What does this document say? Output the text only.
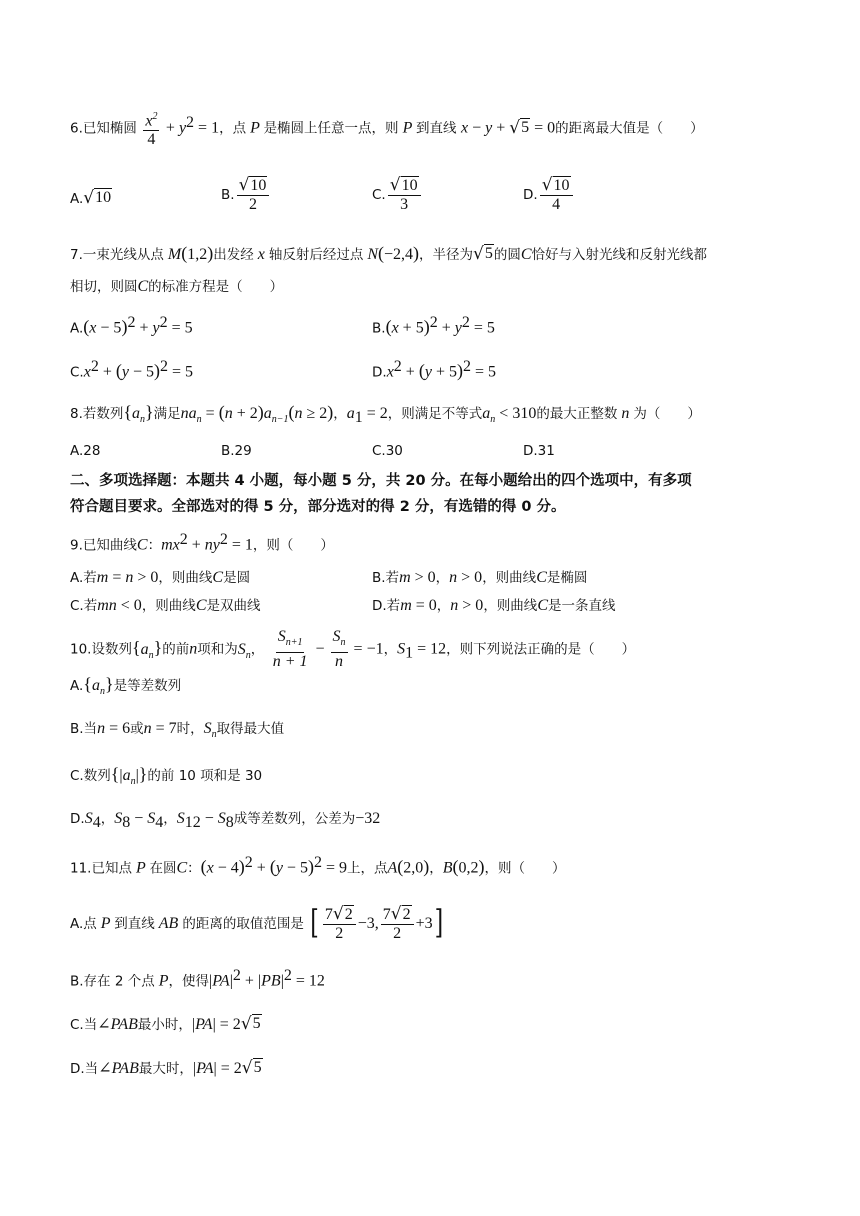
6.已知椭圆 $\frac{x^2}{4} + y^2 = 1$，点 P 是椭圆上任意一点，则 P 到直线 x − y + √ 5 = 0的距离最大值是（　　）
A. √ 10	B. $\frac{√ 10}{2}$	C. $\frac{√ 10}{3}$	D. $\frac{√ 10}{4}$
7.一束光线从点 M(1,2)出发经 x 轴反射后经过点 N(−2,4)，半径为 √ 5 的圆C恰好与入射光线和反射光线都
相切，则圆C的标准方程是（　　）
$A.(x - 5)^2 + y^2 = 5$	$B.(x + 5)^2 + y^2 = 5$
$C.x^2 + (y - 5)^2 = 5$	$D.x^2 + (y + 5)^2 = 5$
8.若数列$\{a_n\}$满足$na_n = (n + 2)a_{n-1}(n \ge 2)$，$a_1 = 2$，则满足不等式$a_n < 310$的最大正整数 n 为（　　）
A.28	B.29	C.30	D.31
二、多项选择题：本题共 4 小题，每小题 5 分，共 20 分。在每小题给出的四个选项中，有多项
符合题目要求。全部选对的得 5 分，部分选对的得 2 分，有选错的得 0 分。
9.已知曲线C：$mx^2 + ny^2 = 1$，则（　　）
A.若m = n > 0，则曲线C是圆	B.若m > 0，n > 0，则曲线C是椭圆
C.若mn < 0，则曲线C是双曲线	D.若m = 0，n > 0，则曲线C是一条直线
10.设数列$\{a_n\}$的前n项和为$S_n$， $\frac{S_{n+1}}{n + 1} - \frac{S_n}{n} = -1$，$S_1 = 12$，则下列说法正确的是（　　）
$A.\{a_n\}$是等差数列
B.当n = 6或n = 7时，$S_n$取得最大值
C.数列$\{|a_n|\}$的前 10 项和是 30
$D.S_4$，$S_8 - S_4$，$S_{12} - S_8$成等差数列，公差为−32
11.已知点 P 在圆C：$(x - 4)^2 + (y - 5)^2 = 9$上，点A(2,0)，B(0,2)，则（　　）
A.点 P 到直线 AB 的距离的取值范围是 [ $\frac{7 √ 2}{2} -3$, $\frac{7 √ 2}{2} +3$]
B.存在 2 个点 P，使得$|PA|^2 + |PB|^2 = 12$
C.当∠PAB最小时，|PA| = 2 √ 5
D.当∠PAB最大时，|PA| = 2 √ 5
